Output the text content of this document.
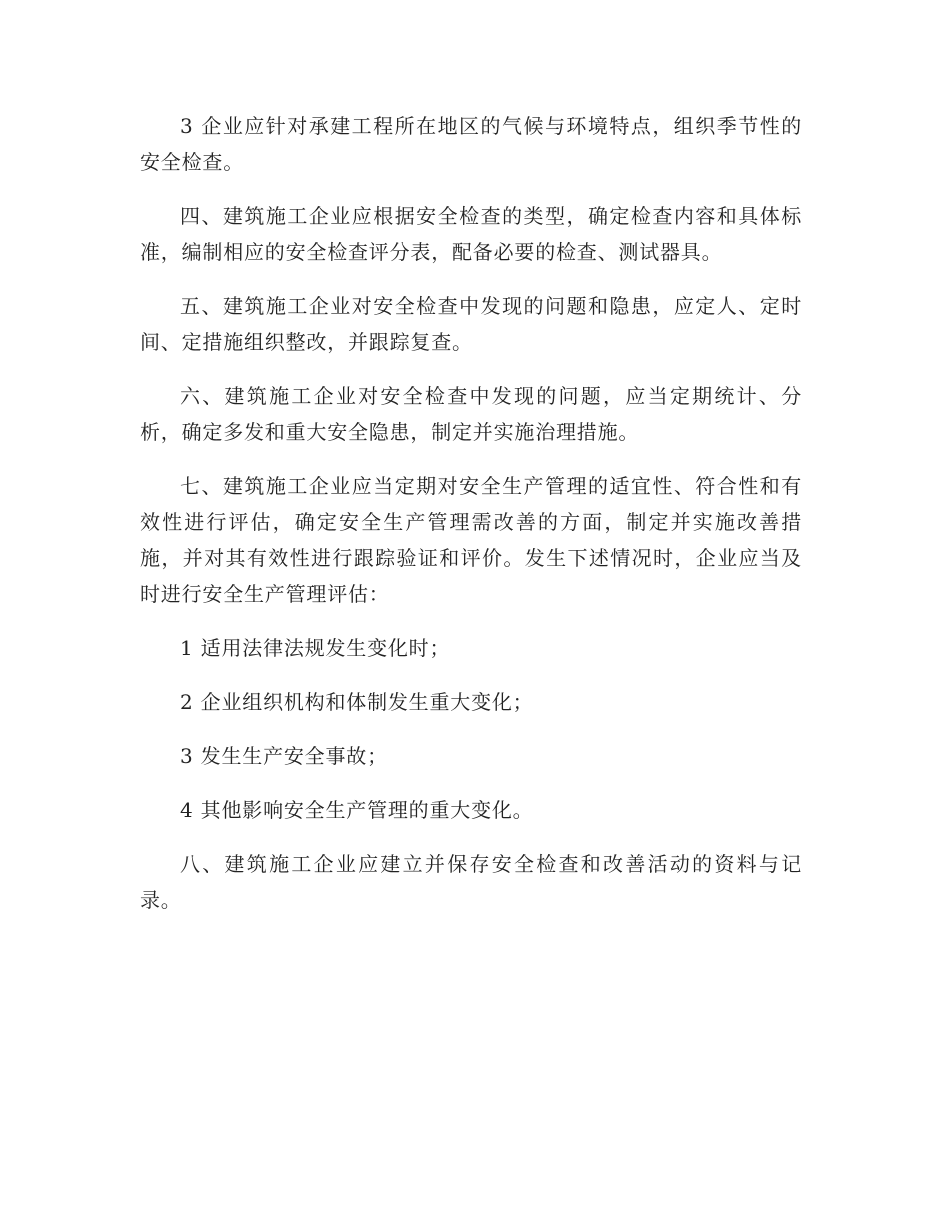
3 企业应针对承建工程所在地区的气候与环境特点，组织季节性的安全检查。

四、建筑施工企业应根据安全检查的类型，确定检查内容和具体标准，编制相应的安全检查评分表，配备必要的检查、测试器具。

五、建筑施工企业对安全检查中发现的问题和隐患，应定人、定时间、定措施组织整改，并跟踪复查。

六、建筑施工企业对安全检查中发现的问题，应当定期统计、分析，确定多发和重大安全隐患，制定并实施治理措施。

七、建筑施工企业应当定期对安全生产管理的适宜性、符合性和有效性进行评估，确定安全生产管理需改善的方面，制定并实施改善措施，并对其有效性进行跟踪验证和评价。发生下述情况时，企业应当及时进行安全生产管理评估：

1 适用法律法规发生变化时；

2 企业组织机构和体制发生重大变化；

3 发生生产安全事故；

4 其他影响安全生产管理的重大变化。

八、建筑施工企业应建立并保存安全检查和改善活动的资料与记录。
